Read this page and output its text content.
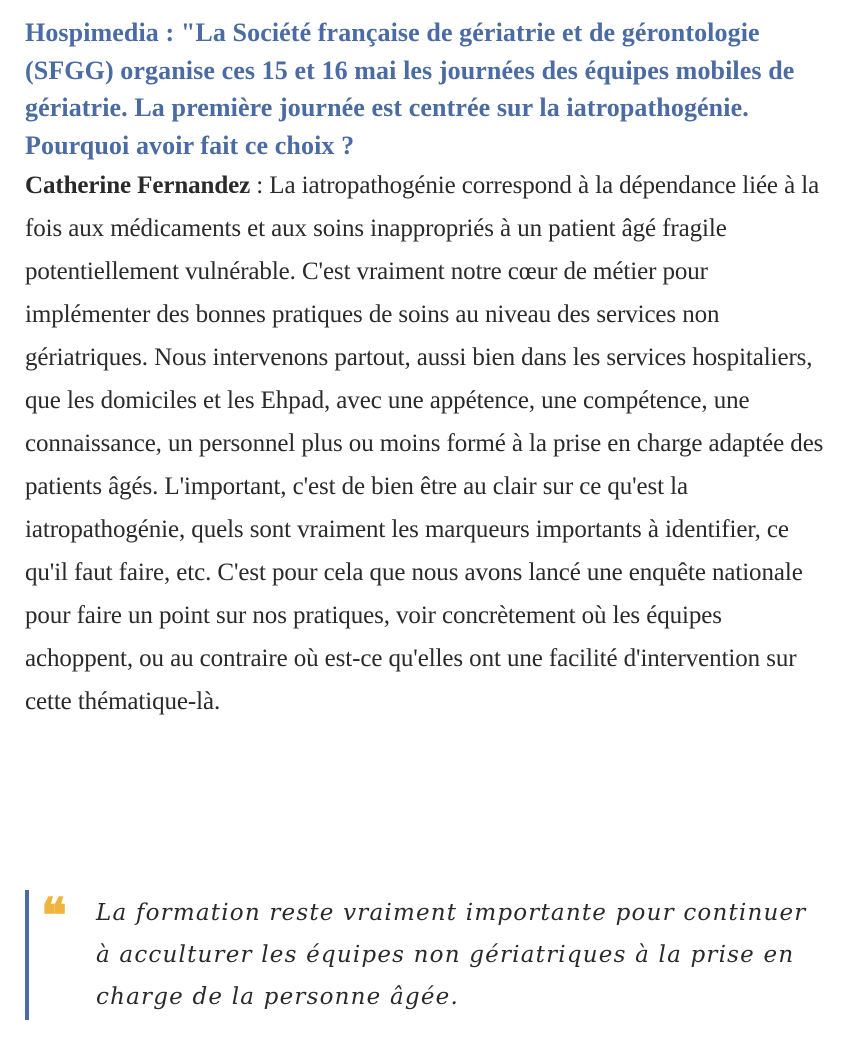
Hospimedia : "La Société française de gériatrie et de gérontologie (SFGG) organise ces 15 et 16 mai les journées des équipes mobiles de gériatrie. La première journée est centrée sur la iatropathogénie. Pourquoi avoir fait ce choix ?

Catherine Fernandez : La iatropathogénie correspond à la dépendance liée à la fois aux médicaments et aux soins inappropriés à un patient âgé fragile potentiellement vulnérable. C'est vraiment notre cœur de métier pour implémenter des bonnes pratiques de soins au niveau des services non gériatriques. Nous intervenons partout, aussi bien dans les services hospitaliers, que les domiciles et les Ehpad, avec une appétence, une compétence, une connaissance, un personnel plus ou moins formé à la prise en charge adaptée des patients âgés. L'important, c'est de bien être au clair sur ce qu'est la iatropathogénie, quels sont vraiment les marqueurs importants à identifier, ce qu'il faut faire, etc. C'est pour cela que nous avons lancé une enquête nationale pour faire un point sur nos pratiques, voir concrètement où les équipes achoppent, ou au contraire où est-ce qu'elles ont une facilité d'intervention sur cette thématique-là.

❝ La formation reste vraiment importante pour continuer à acculturer les équipes non gériatriques à la prise en charge de la personne âgée.
